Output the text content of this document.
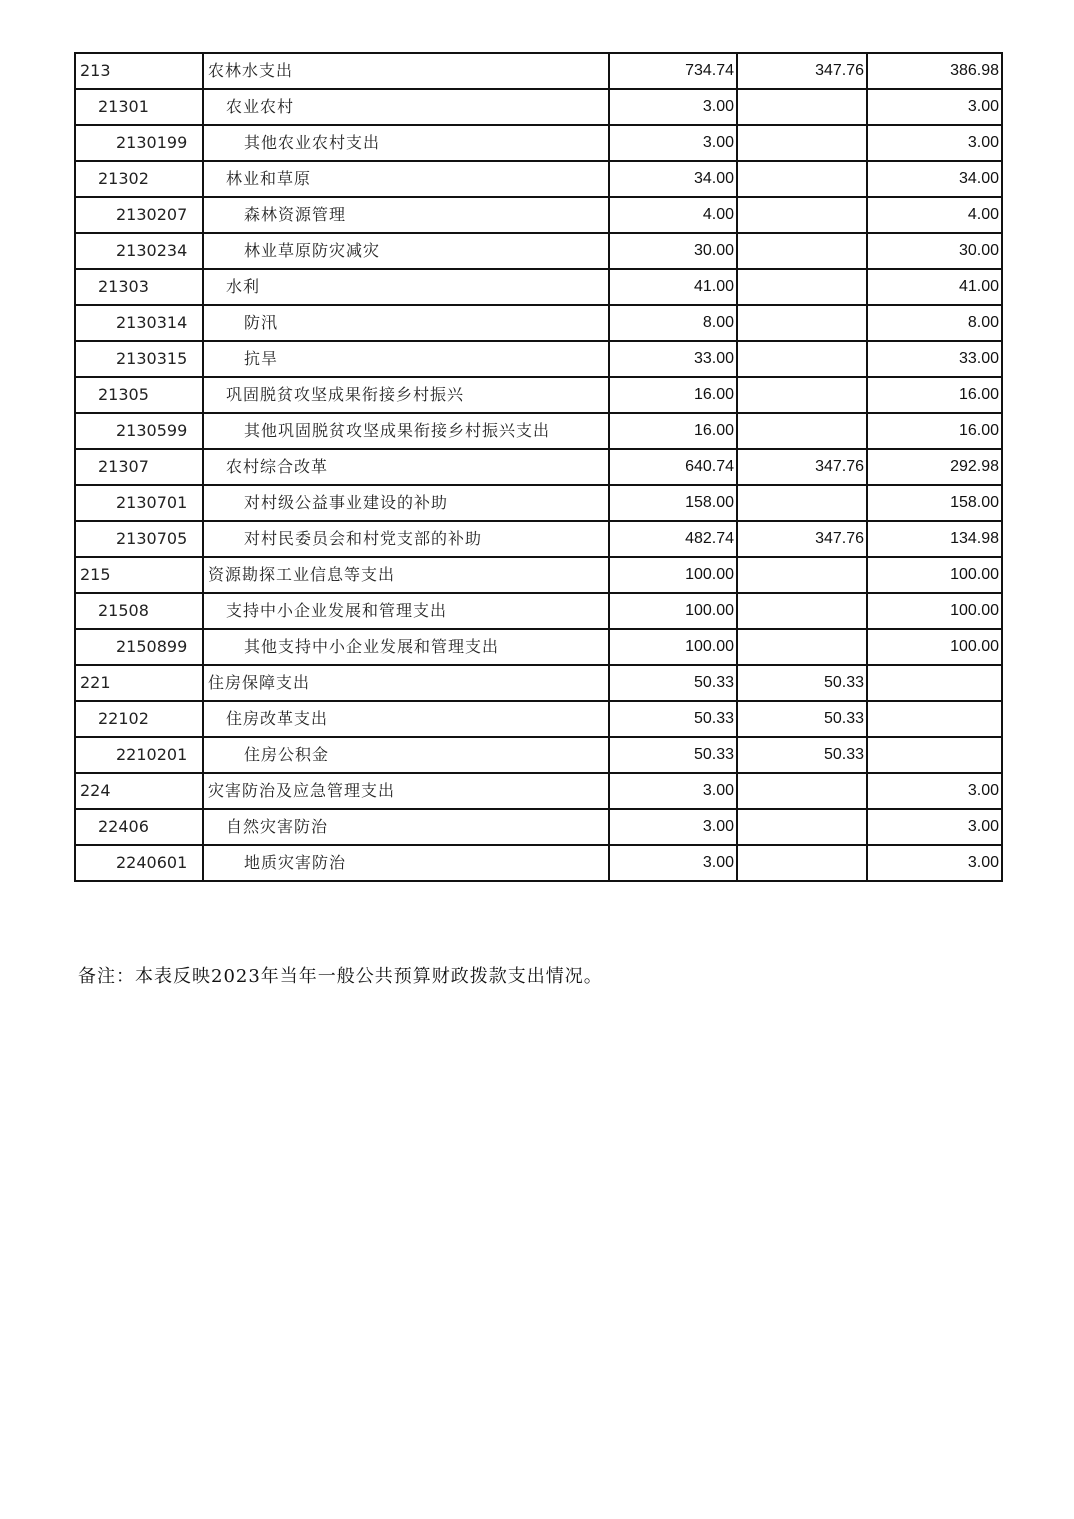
213	农林水支出	734.74	347.76	386.98
21301	农业农村	3.00		3.00
2130199	其他农业农村支出	3.00		3.00
21302	林业和草原	34.00		34.00
2130207	森林资源管理	4.00		4.00
2130234	林业草原防灾减灾	30.00		30.00
21303	水利	41.00		41.00
2130314	防汛	8.00		8.00
2130315	抗旱	33.00		33.00
21305	巩固脱贫攻坚成果衔接乡村振兴	16.00		16.00
2130599	其他巩固脱贫攻坚成果衔接乡村振兴支出	16.00		16.00
21307	农村综合改革	640.74	347.76	292.98
2130701	对村级公益事业建设的补助	158.00		158.00
2130705	对村民委员会和村党支部的补助	482.74	347.76	134.98
215	资源勘探工业信息等支出	100.00		100.00
21508	支持中小企业发展和管理支出	100.00		100.00
2150899	其他支持中小企业发展和管理支出	100.00		100.00
221	住房保障支出	50.33	50.33	
22102	住房改革支出	50.33	50.33	
2210201	住房公积金	50.33	50.33	
224	灾害防治及应急管理支出	3.00		3.00
22406	自然灾害防治	3.00		3.00
2240601	地质灾害防治	3.00		3.00
备注：本表反映2023年当年一般公共预算财政拨款支出情况。
